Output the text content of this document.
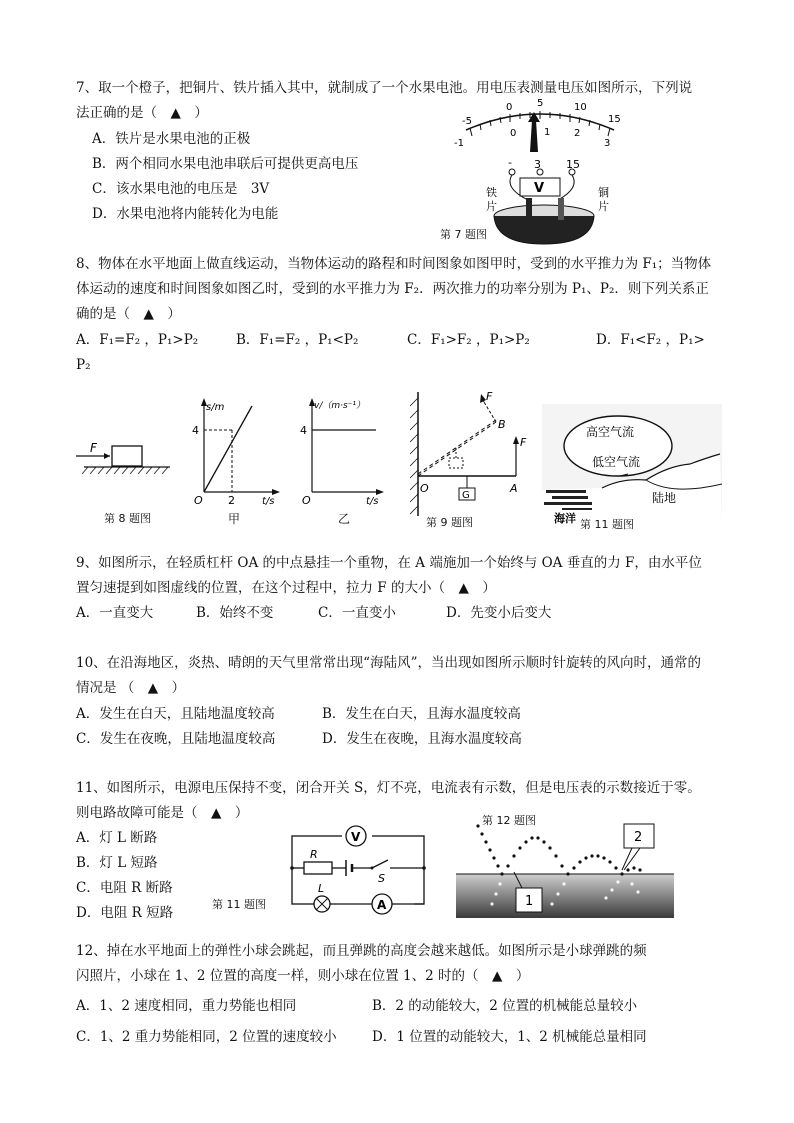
7、取一个橙子，把铜片、铁片插入其中，就制成了一个水果电池。用电压表测量电压如图所示，下列说
法正确的是（　▲　）
A．铁片是水果电池的正极
B．两个相同水果电池串联后可提供更高电压
C．该水果电池的电压是　3V
D．水果电池将内能转化为电能
-5
0 5	10
15
-1
0	1 2
3
- 3 15
V
铁
片
铜
片
第 7 题图
8、物体在水平地面上做直线运动，当物体运动的路程和时间图象如图甲时，受到的水平推力为 F₁；当物体
体运动的速度和时间图象如图乙时，受到的水平推力为 F₂．两次推力的功率分别为 P₁、P₂．则下列关系正
确的是（　▲　）
A．F₁=F₂ ，P₁>P₂	B．F₁=F₂ ，P₁<P₂	C．F₁>F₂ ，P₁>P₂	D．F₁<F₂ ，P₁>
P₂
F
第 8 题图
s/m
4
2
O	t/s
甲
v/（m·s⁻¹）
4
O	t/s
乙
G
F
O	A
F
B
第 9 题图
高空气流
低空气流
陆地
海洋 第 11 题图
9、如图所示，在轻质杠杆 OA 的中点悬挂一个重物，在 A 端施加一个始终与 OA 垂直的力 F，由水平位
置匀速提到如图虚线的位置，在这个过程中，拉力 F 的大小（　▲　）
A．一直变大	B．始终不变	C．一直变小	D．先变小后变大
10、在沿海地区，炎热、晴朗的天气里常常出现“海陆风”，当出现如图所示顺时针旋转的风向时，通常的
情况是 （　▲　）
A．发生在白天，且陆地温度较高	B．发生在白天，且海水温度较高
C．发生在夜晚，且陆地温度较高	D．发生在夜晚，且海水温度较高
11、如图所示，电源电压保持不变，闭合开关 S，灯不亮，电流表有示数，但是电压表的示数接近于零。
则电路故障可能是（　▲　）
A．灯 L 断路
B．灯 L 短路
C．电阻 R 断路
D．电阻 R 短路
第 11 题图
V
R
S
L
A
第 12 题图
1
2
12、掉在水平地面上的弹性小球会跳起，而且弹跳的高度会越来越低。如图所示是小球弹跳的频
闪照片，小球在 1、2 位置的高度一样，则小球在位置 1、2 时的（　▲　）
A．1、2 速度相同，重力势能也相同	B．2 的动能较大，2 位置的机械能总量较小
C．1、2 重力势能相同，2 位置的速度较小	D．1 位置的动能较大，1、2 机械能总量相同
